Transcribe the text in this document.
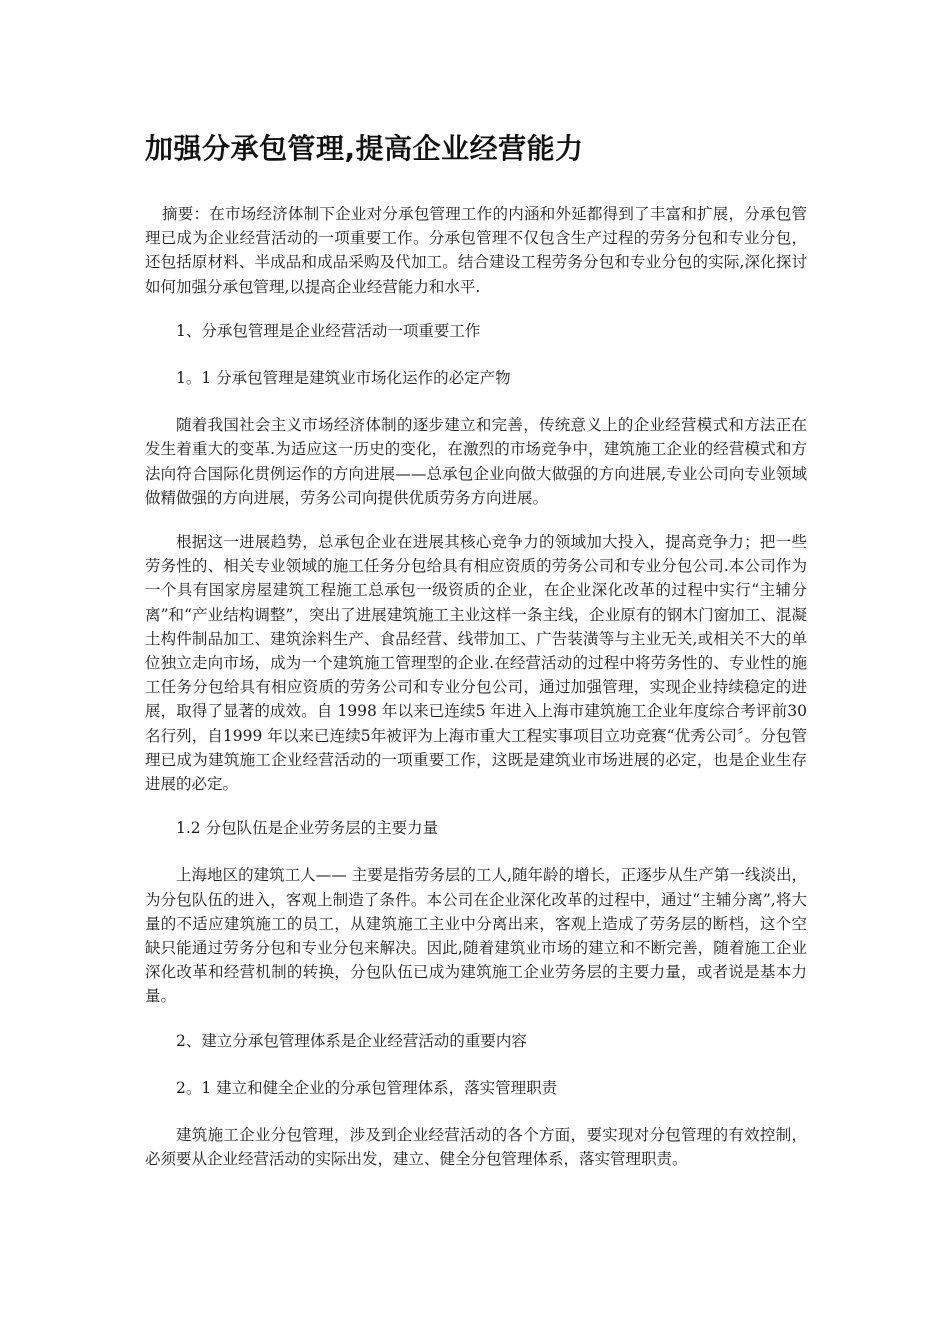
加强分承包管理,提高企业经营能力

摘要：在市场经济体制下企业对分承包管理工作的内涵和外延都得到了丰富和扩展，分承包管理已成为企业经营活动的一项重要工作。分承包管理不仅包含生产过程的劳务分包和专业分包，还包括原材料、半成品和成品采购及代加工。结合建设工程劳务分包和专业分包的实际,深化探讨如何加强分承包管理,以提高企业经营能力和水平.

1、分承包管理是企业经营活动一项重要工作

1。1 分承包管理是建筑业市场化运作的必定产物

随着我国社会主义市场经济体制的逐步建立和完善，传统意义上的企业经营模式和方法正在发生着重大的变革.为适应这一历史的变化，在激烈的市场竞争中，建筑施工企业的经营模式和方法向符合国际化贯例运作的方向进展——总承包企业向做大做强的方向进展,专业公司向专业领域做精做强的方向进展，劳务公司向提供优质劳务方向进展。

根据这一进展趋势，总承包企业在进展其核心竞争力的领域加大投入，提高竞争力；把一些劳务性的、相关专业领域的施工任务分包给具有相应资质的劳务公司和专业分包公司.本公司作为一个具有国家房屋建筑工程施工总承包一级资质的企业，在企业深化改革的过程中实行“主辅分离”和“产业结构调整”，突出了进展建筑施工主业这样一条主线，企业原有的钢木门窗加工、混凝土构件制品加工、建筑涂料生产、食品经营、线带加工、广告装潢等与主业无关,或相关不大的单位独立走向市场，成为一个建筑施工管理型的企业.在经营活动的过程中将劳务性的、专业性的施工任务分包给具有相应资质的劳务公司和专业分包公司，通过加强管理，实现企业持续稳定的进展，取得了显著的成效。自 1998 年以来已连续5 年进入上海市建筑施工企业年度综合考评前30名行列，自1999 年以来已连续5年被评为上海市重大工程实事项目立功竞赛“优秀公司〞。分包管理已成为建筑施工企业经营活动的一项重要工作，这既是建筑业市场进展的必定，也是企业生存进展的必定。

1.2 分包队伍是企业劳务层的主要力量

上海地区的建筑工人—— 主要是指劳务层的工人,随年龄的增长，正逐步从生产第一线淡出，为分包队伍的进入，客观上制造了条件。本公司在企业深化改革的过程中，通过“主辅分离”,将大量的不适应建筑施工的员工，从建筑施工主业中分离出来，客观上造成了劳务层的断档，这个空缺只能通过劳务分包和专业分包来解决。因此,随着建筑业市场的建立和不断完善，随着施工企业深化改革和经营机制的转换，分包队伍已成为建筑施工企业劳务层的主要力量，或者说是基本力量。

2、建立分承包管理体系是企业经营活动的重要内容

2。1 建立和健全企业的分承包管理体系，落实管理职责

建筑施工企业分包管理，涉及到企业经营活动的各个方面，要实现对分包管理的有效控制，必须要从企业经营活动的实际出发，建立、健全分包管理体系，落实管理职责。
